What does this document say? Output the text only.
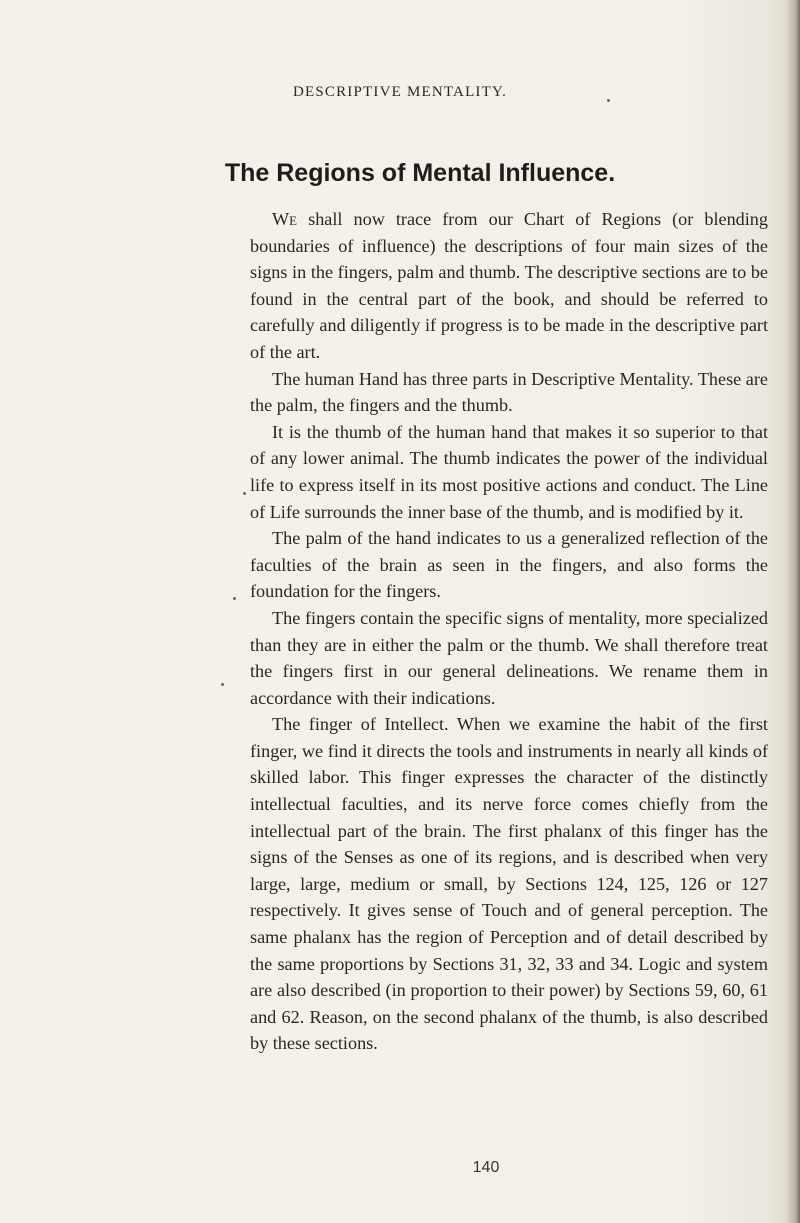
DESCRIPTIVE MENTALITY.
The Regions of Mental Influence.

We shall now trace from our Chart of Regions (or blending boundaries of influence) the descriptions of four main sizes of the signs in the fingers, palm and thumb. The descriptive sections are to be found in the central part of the book, and should be referred to carefully and diligently if progress is to be made in the descriptive part of the art.

The human Hand has three parts in Descriptive Mentality. These are the palm, the fingers and the thumb.

It is the thumb of the human hand that makes it so superior to that of any lower animal. The thumb indicates the power of the individual life to express itself in its most positive actions and conduct. The Line of Life surrounds the inner base of the thumb, and is modified by it.

The palm of the hand indicates to us a generalized reflection of the faculties of the brain as seen in the fingers, and also forms the foundation for the fingers.

The fingers contain the specific signs of mentality, more specialized than they are in either the palm or the thumb. We shall therefore treat the fingers first in our general delineations. We rename them in accordance with their indications.

The finger of Intellect. When we examine the habit of the first finger, we find it directs the tools and instruments in nearly all kinds of skilled labor. This finger expresses the character of the distinctly intellectual faculties, and its nerve force comes chiefly from the intellectual part of the brain. The first phalanx of this finger has the signs of the Senses as one of its regions, and is described when very large, large, medium or small, by Sections 124, 125, 126 or 127 respectively. It gives sense of Touch and of general perception. The same phalanx has the region of Perception and of detail described by the same proportions by Sections 31, 32, 33 and 34. Logic and system are also described (in proportion to their power) by Sections 59, 60, 61 and 62. Reason, on the second phalanx of the thumb, is also described by these sections.

140
